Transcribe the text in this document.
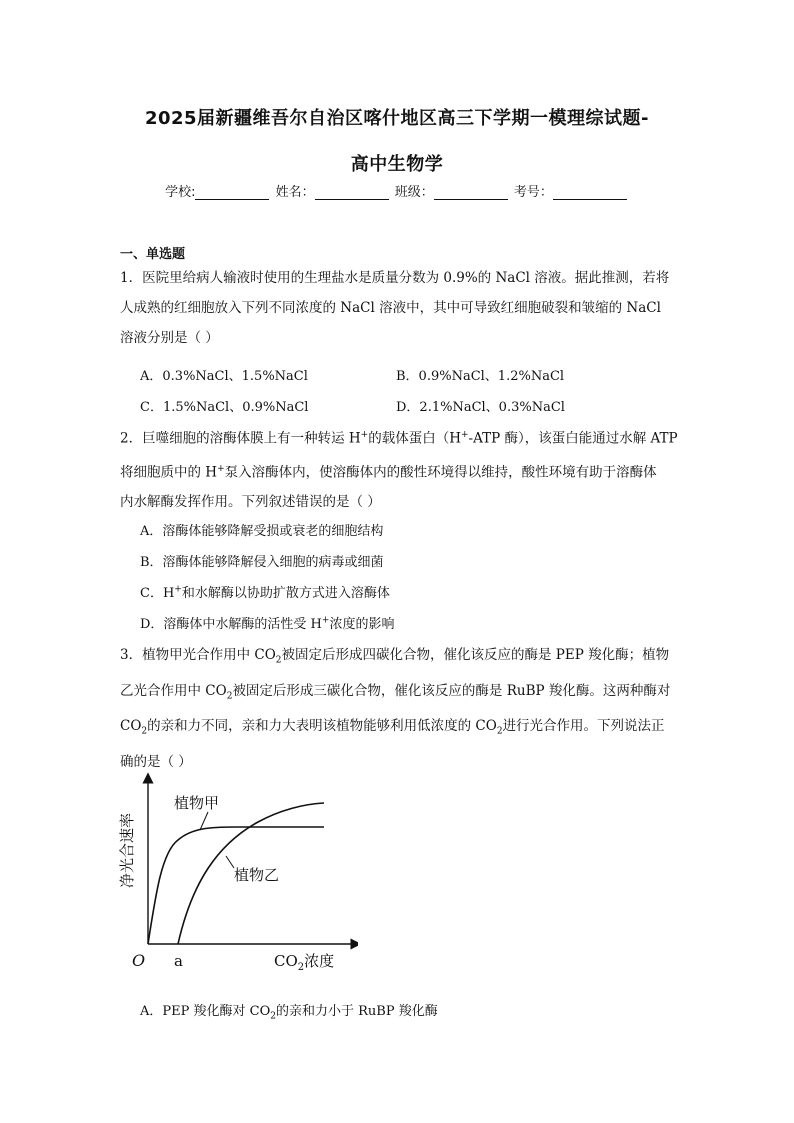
2025届新疆维吾尔自治区喀什地区高三下学期一模理综试题-
高中生物学
学校:	姓名：	班级：	考号：
一、单选题
1．医院里给病人输液时使用的生理盐水是质量分数为 0.9%的 NaCl 溶液。据此推测，若将
人成熟的红细胞放入下列不同浓度的 NaCl 溶液中，其中可导致红细胞破裂和皱缩的 NaCl
溶液分别是（ ）
A．0.3%NaCl、1.5%NaCl	B．0.9%NaCl、1.2%NaCl
C．1.5%NaCl、0.9%NaCl	D．2.1%NaCl、0.3%NaCl
2．巨噬细胞的溶酶体膜上有一种转运 H+的载体蛋白（H+-ATP 酶），该蛋白能通过水解 ATP
将细胞质中的 H+泵入溶酶体内，使溶酶体内的酸性环境得以维持，酸性环境有助于溶酶体
内水解酶发挥作用。下列叙述错误的是（ ）
A．溶酶体能够降解受损或衰老的细胞结构
B．溶酶体能够降解侵入细胞的病毒或细菌
C．H+和水解酶以协助扩散方式进入溶酶体
D．溶酶体中水解酶的活性受 H+浓度的影响
3．植物甲光合作用中 $CO_2$被固定后形成四碳化合物，催化该反应的酶是 PEP 羧化酶；植物
乙光合作用中 $CO_2$被固定后形成三碳化合物，催化该反应的酶是 RuBP 羧化酶。这两种酶对
$CO_2$的亲和力不同，亲和力大表明该植物能够利用低浓度的 $CO_2$进行光合作用。下列说法正
确的是（ ）
植物甲
植物乙
O a	$CO_2$浓度
净光合速率
A．PEP 羧化酶对 $CO_2$的亲和力小于 RuBP 羧化酶
